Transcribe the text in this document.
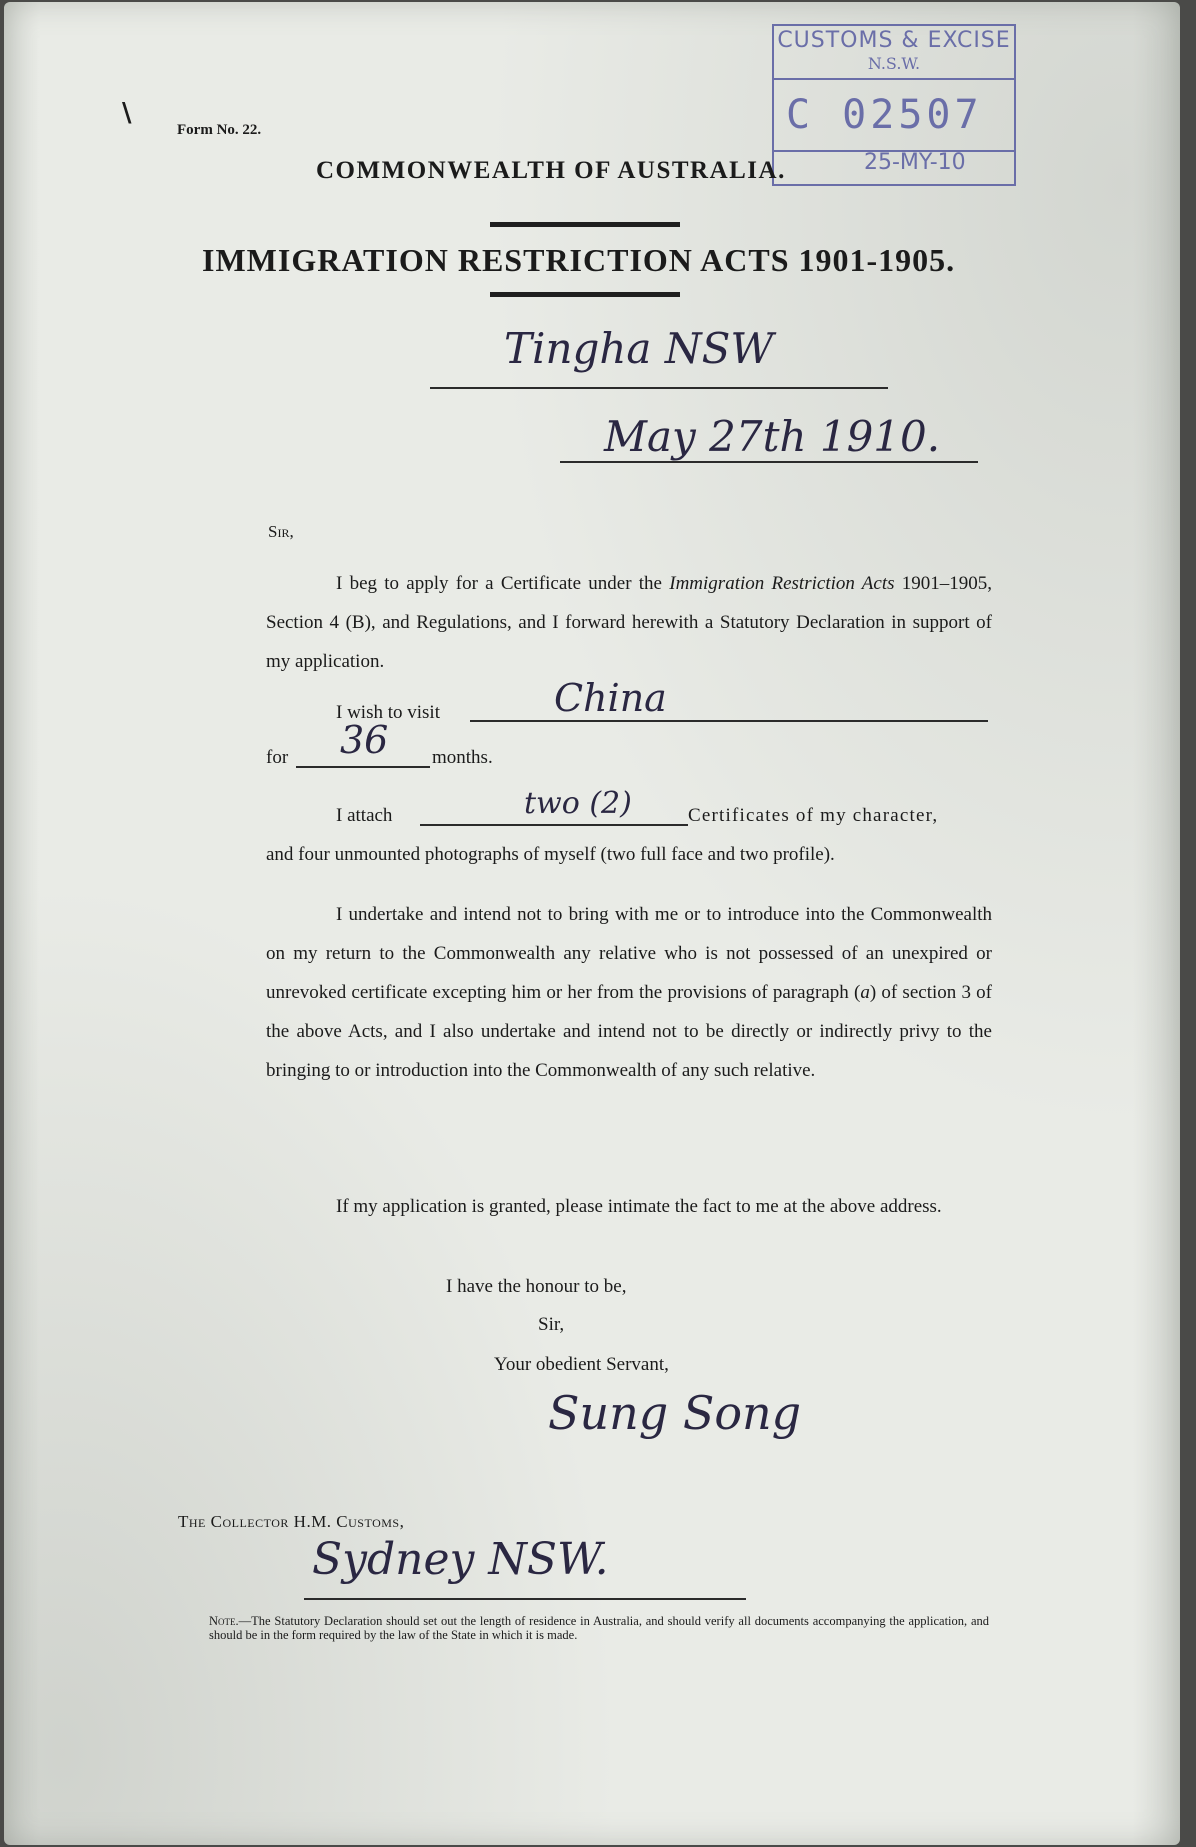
CUSTOMS & EXCISE
N.S.W.
C 02507
25-MY-10
\
Form No. 22.
COMMONWEALTH OF AUSTRALIA.
IMMIGRATION RESTRICTION ACTS 1901-1905.
Tingha NSW
May 27th 1910.
Sir,
I beg to apply for a Certificate under the Immigration Restriction Acts 1901–1905, Section 4 (B), and Regulations, and I forward herewith a Statutory Declaration in support of my application.
I wish to visit	China
for 36 months.
I attach	two (2)	Certificates of my character,
and four unmounted photographs of myself (two full face and two profile).
I undertake and intend not to bring with me or to introduce into the Commonwealth on my return to the Commonwealth any relative who is not possessed of an unexpired or unrevoked certificate excepting him or her from the provisions of paragraph (a) of section 3 of the above Acts, and I also undertake and intend not to be directly or indirectly privy to the bringing to or introduction into the Commonwealth of any such relative.
If my application is granted, please intimate the fact to me at the above address.
I have the honour to be,
Sir,
Your obedient Servant,
Sung Song
The Collector H.M. Customs,
Sydney NSW.
Note.—The Statutory Declaration should set out the length of residence in Australia, and should verify all documents accompanying the application, and should be in the form required by the law of the State in which it is made.
